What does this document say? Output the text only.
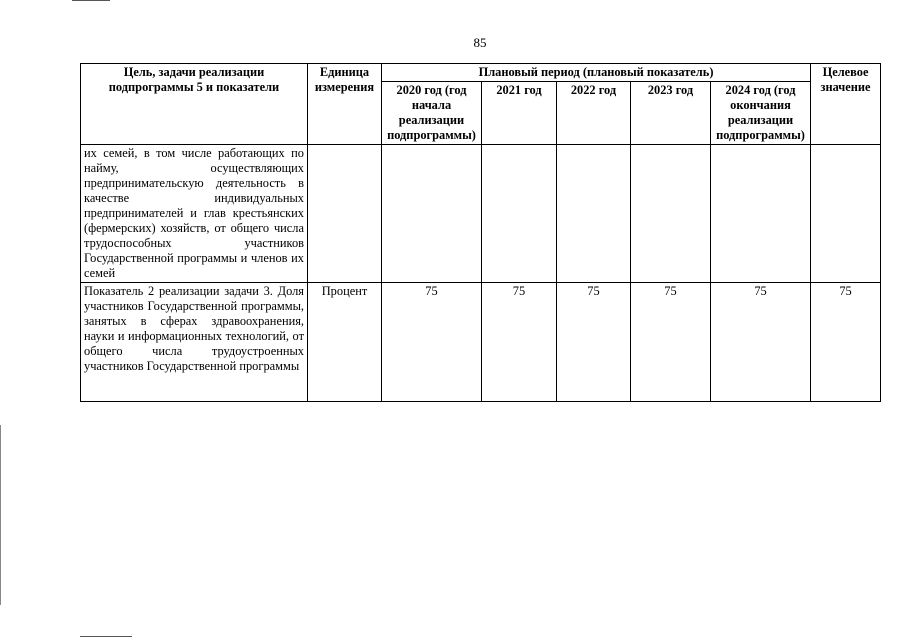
85
Цель, задачи реализации подпрограммы 5 и показатели	Единица измерения	Плановый период (плановый показатель)					Целевое значение
		2020 год (год начала реализации подпрограммы)	2021 год	2022 год	2023 год	2024 год (год окончания реализации подпрограммы)	
их семей, в том числе работающих по найму, осуществляющих предпринимательскую деятельность в качестве индивидуальных предпринимателей и глав крестьянских (фермерских) хозяйств, от общего числа трудоспособных участников Государственной программы и членов их семей							
Показатель 2 реализации задачи 3. Доля участников Государственной программы, занятых в сферах здравоохранения, науки и информационных технологий, от общего числа трудоустроенных участников Государственной программы	Процент	75	75	75	75	75	75
